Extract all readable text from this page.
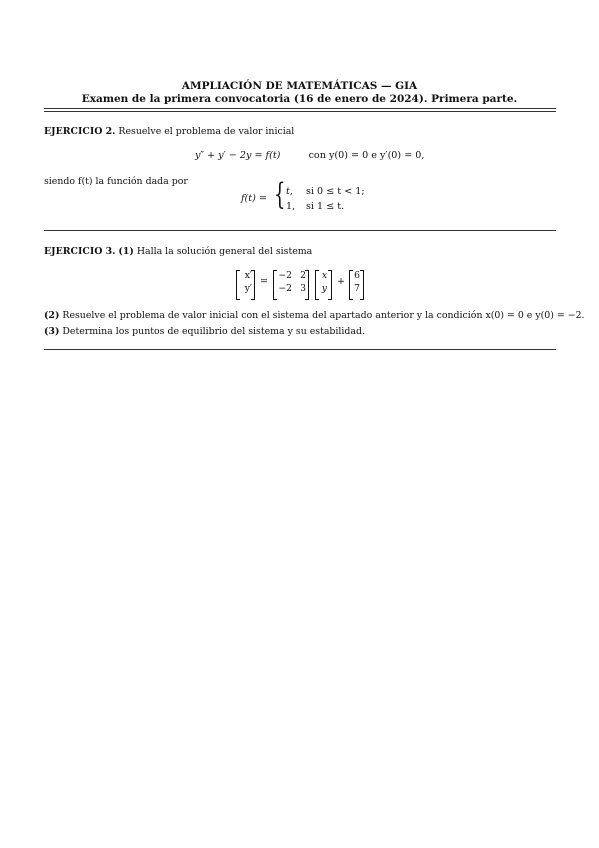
AMPLIACIÓN DE MATEMÁTICAS — GIA
Examen de la primera convocatoria (16 de enero de 2024). Primera parte.
EJERCICIO 2. Resuelve el problema de valor inicial
y″ + y′ − 2y = f(t)	con y(0) = 0 e y′(0) = 0,
siendo f(t) la función dada por
f(t) = { t, si 0 ≤ t < 1;
1, si 1 ≤ t.
EJERCICIO 3. (1) Halla la solución general del sistema
x′
y′
=
−2 2
−2 3
x
y
+
6
7
(2) Resuelve el problema de valor inicial con el sistema del apartado anterior y la condición x(0) = 0 e y(0) = −2.
(3) Determina los puntos de equilibrio del sistema y su estabilidad.
